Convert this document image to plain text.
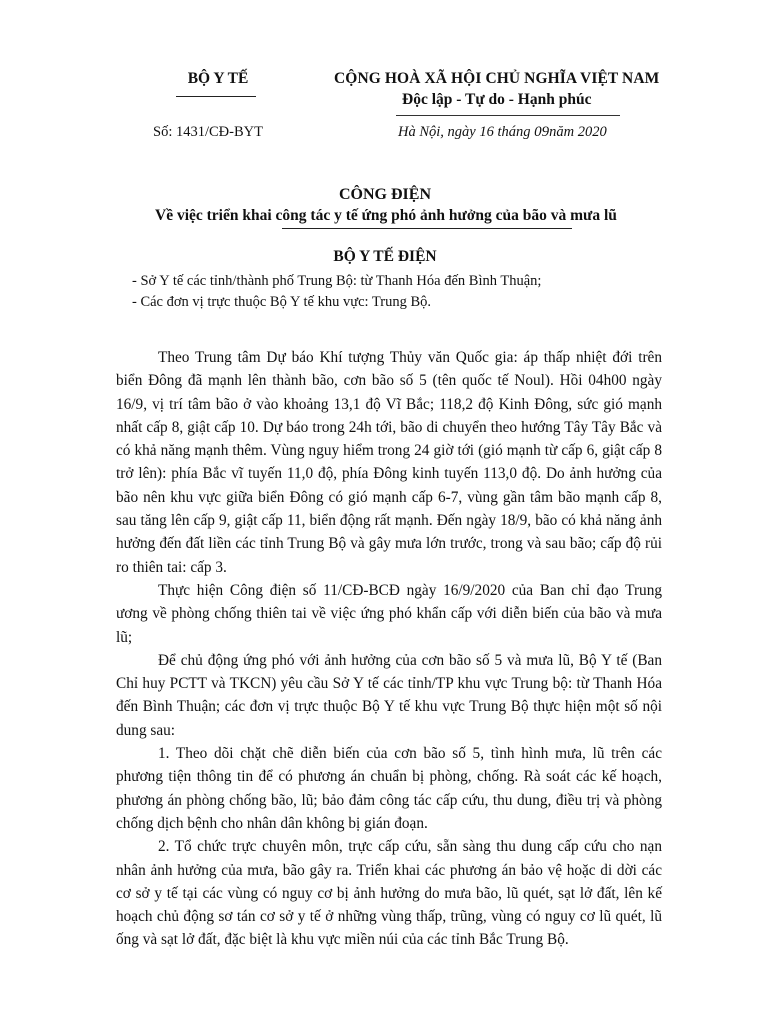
BỘ Y TẾ	CỘNG HOÀ XÃ HỘI CHỦ NGHĨA VIỆT NAM
Độc lập - Tự do - Hạnh phúc
Số: 1431/CĐ-BYT	Hà Nội, ngày 16 tháng 09năm 2020
CÔNG ĐIỆN
Về việc triển khai công tác y tế ứng phó ảnh hưởng của bão và mưa lũ
BỘ Y TẾ ĐIỆN
- Sở Y tế các tỉnh/thành phố Trung Bộ: từ Thanh Hóa đến Bình Thuận;
- Các đơn vị trực thuộc Bộ Y tế khu vực: Trung Bộ.

Theo Trung tâm Dự báo Khí tượng Thủy văn Quốc gia: áp thấp nhiệt đới trên biển Đông đã mạnh lên thành bão, cơn bão số 5 (tên quốc tế Noul). Hồi 04h00 ngày 16/9, vị trí tâm bão ở vào khoảng 13,1 độ Vĩ Bắc; 118,2 độ Kinh Đông, sức gió mạnh nhất cấp 8, giật cấp 10. Dự báo trong 24h tới, bão di chuyển theo hướng Tây Tây Bắc và có khả năng mạnh thêm. Vùng nguy hiểm trong 24 giờ tới (gió mạnh từ cấp 6, giật cấp 8 trở lên): phía Bắc vĩ tuyến 11,0 độ, phía Đông kinh tuyến 113,0 độ. Do ảnh hưởng của bão nên khu vực giữa biển Đông có gió mạnh cấp 6-7, vùng gần tâm bão mạnh cấp 8, sau tăng lên cấp 9, giật cấp 11, biển động rất mạnh. Đến ngày 18/9, bão có khả năng ảnh hưởng đến đất liền các tỉnh Trung Bộ và gây mưa lớn trước, trong và sau bão; cấp độ rủi ro thiên tai: cấp 3.

Thực hiện Công điện số 11/CĐ-BCĐ ngày 16/9/2020 của Ban chỉ đạo Trung ương về phòng chống thiên tai về việc ứng phó khẩn cấp với diễn biến của bão và mưa lũ;

Để chủ động ứng phó với ảnh hưởng của cơn bão số 5 và mưa lũ, Bộ Y tế (Ban Chỉ huy PCTT và TKCN) yêu cầu Sở Y tế các tỉnh/TP khu vực Trung bộ: từ Thanh Hóa đến Bình Thuận; các đơn vị trực thuộc Bộ Y tế khu vực Trung Bộ thực hiện một số nội dung sau:

1. Theo dõi chặt chẽ diễn biến của cơn bão số 5, tình hình mưa, lũ trên các phương tiện thông tin để có phương án chuẩn bị phòng, chống. Rà soát các kế hoạch, phương án phòng chống bão, lũ; bảo đảm công tác cấp cứu, thu dung, điều trị và phòng chống dịch bệnh cho nhân dân không bị gián đoạn.

2. Tổ chức trực chuyên môn, trực cấp cứu, sẵn sàng thu dung cấp cứu cho nạn nhân ảnh hưởng của mưa, bão gây ra. Triển khai các phương án bảo vệ hoặc di dời các cơ sở y tế tại các vùng có nguy cơ bị ảnh hưởng do mưa bão, lũ quét, sạt lở đất, lên kế hoạch chủ động sơ tán cơ sở y tế ở những vùng thấp, trũng, vùng có nguy cơ lũ quét, lũ ống và sạt lở đất, đặc biệt là khu vực miền núi của các tỉnh Bắc Trung Bộ.
